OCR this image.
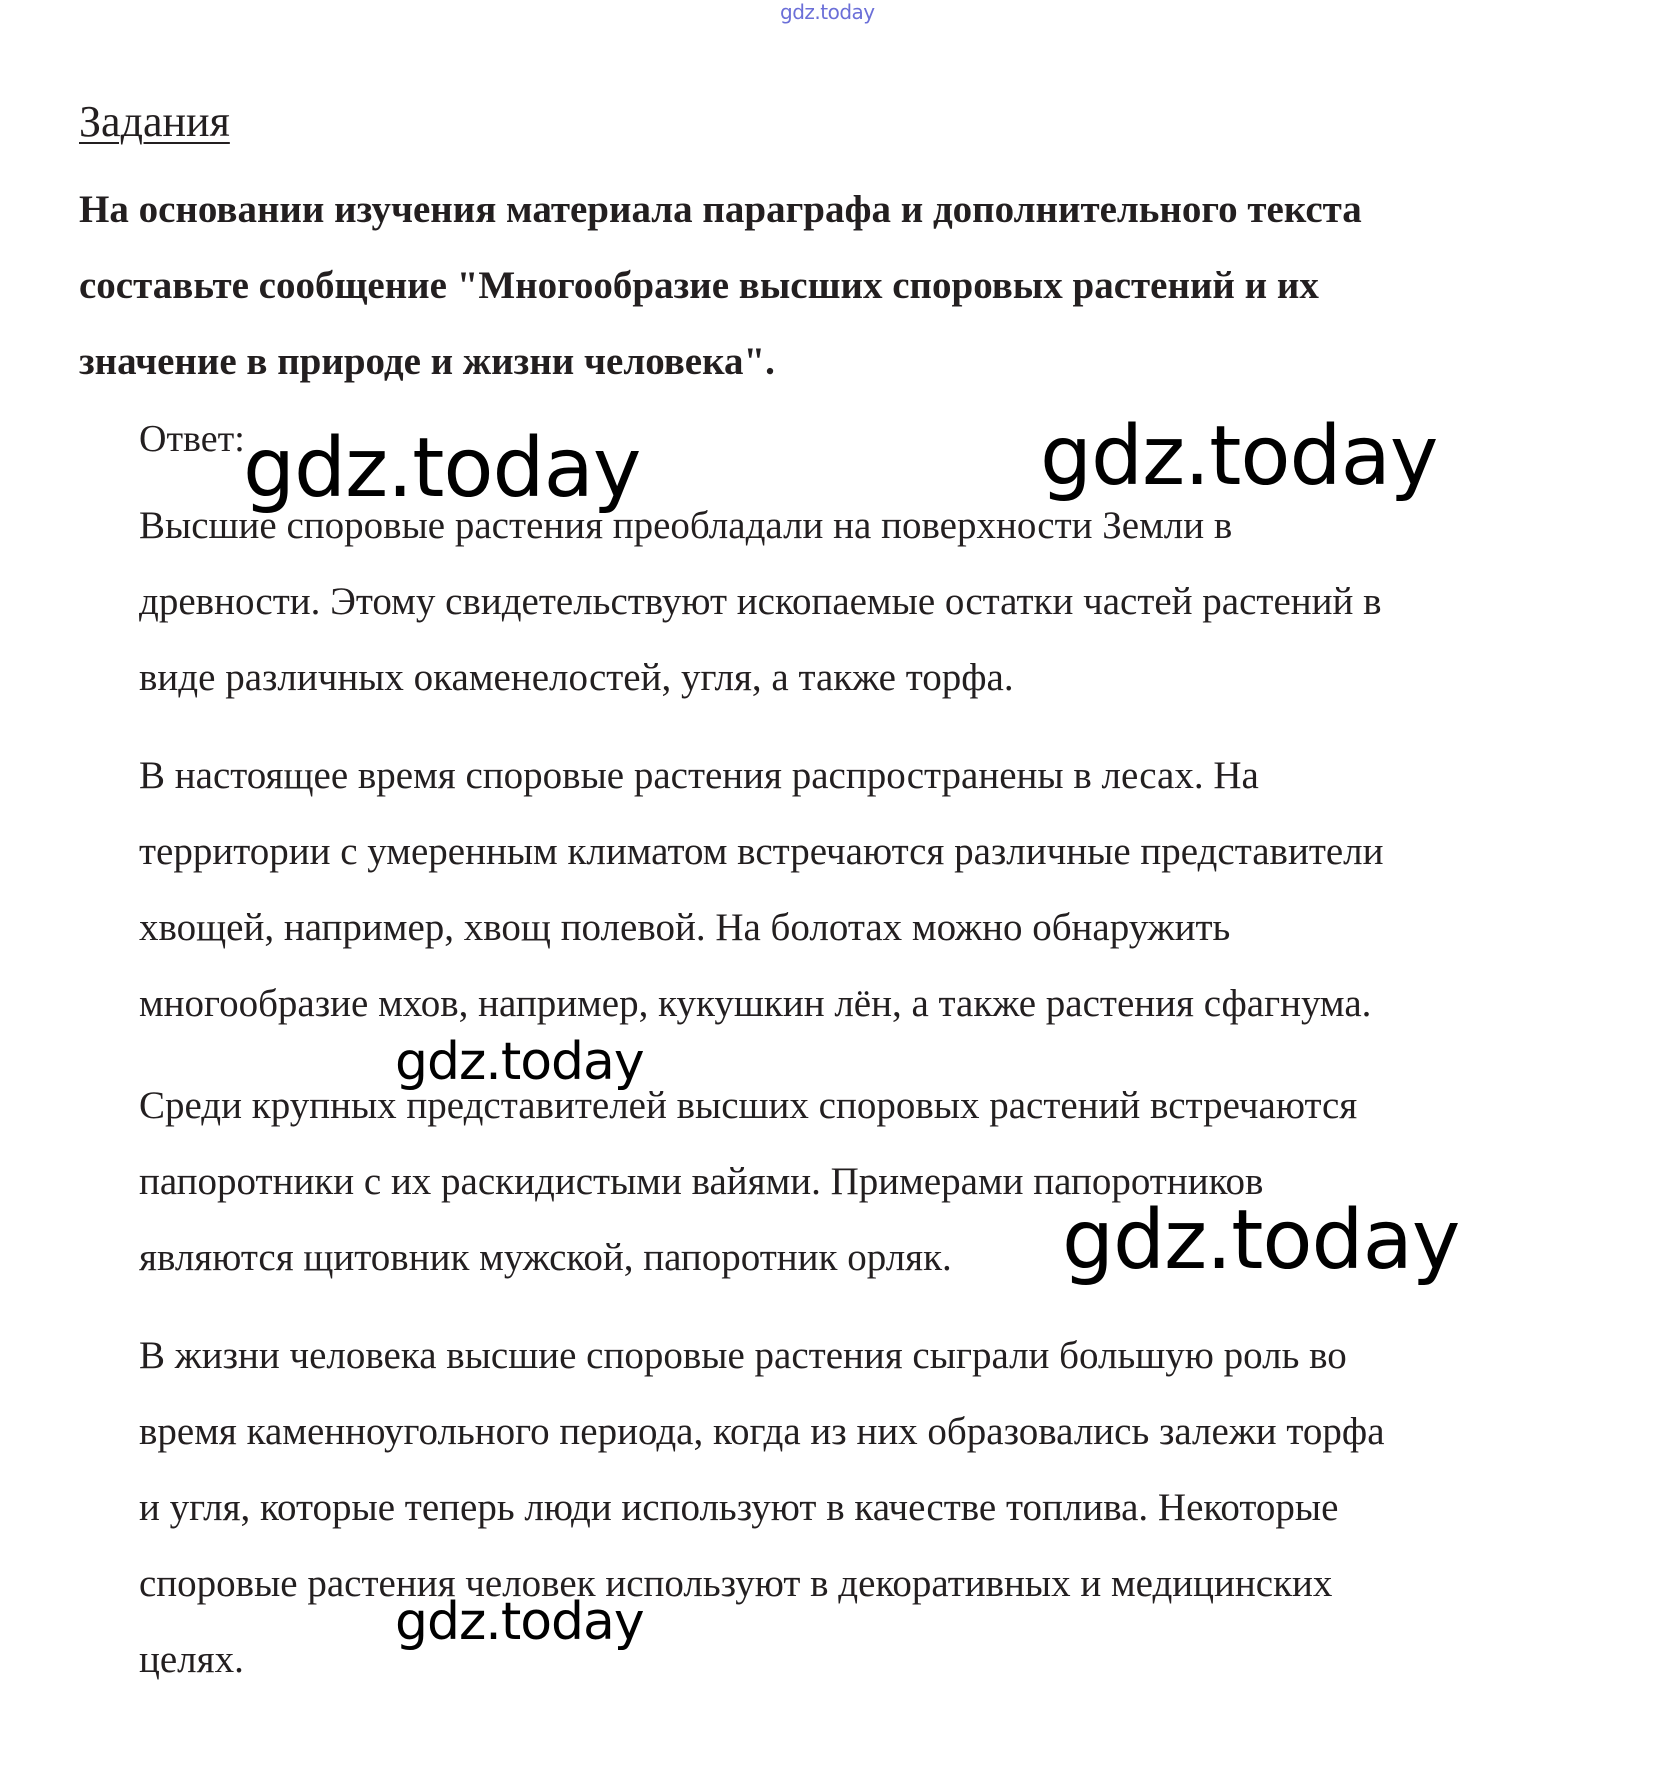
gdz.today
Задания
На основании изучения материала параграфа и дополнительного текста
составьте сообщение "Многообразие высших споровых растений и их
значение в природе и жизни человека".
Ответ:
Высшие споровые растения преобладали на поверхности Земли в
древности. Этому свидетельствуют ископаемые остатки частей растений в
виде различных окаменелостей, угля, а также торфа.
В настоящее время споровые растения распространены в лесах. На
территории с умеренным климатом встречаются различные представители
хвощей, например, хвощ полевой. На болотах можно обнаружить
многообразие мхов, например, кукушкин лён, а также растения сфагнума.
Среди крупных представителей высших споровых растений встречаются
папоротники с их раскидистыми вайями. Примерами папоротников
являются щитовник мужской, папоротник орляк.
В жизни человека высшие споровые растения сыграли большую роль во
время каменноугольного периода, когда из них образовались залежи торфа
и угля, которые теперь люди используют в качестве топлива. Некоторые
споровые растения человек используют в декоративных и медицинских
целях.
gdz.today	gdz.today
gdz.today
gdz.today
gdz.today
